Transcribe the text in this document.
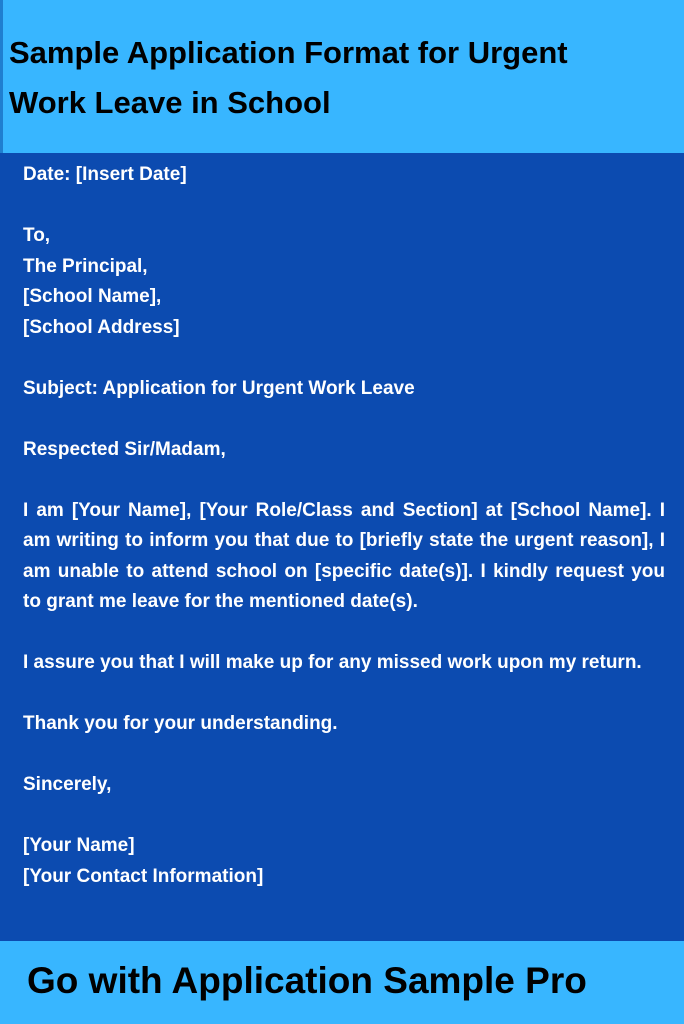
Sample Application Format for Urgent Work Leave in School

Date: [Insert Date]

To,

The Principal,

[School Name],

[School Address]

Subject: Application for Urgent Work Leave

Respected Sir/Madam,

I am [Your Name], [Your Role/Class and Section] at [School Name]. I am writing to inform you that due to [briefly state the urgent reason], I am unable to attend school on [specific date(s)]. I kindly request you to grant me leave for the mentioned date(s).

I assure you that I will make up for any missed work upon my return.

Thank you for your understanding.

Sincerely,

[Your Name]

[Your Contact Information]

Go with Application Sample Pro
